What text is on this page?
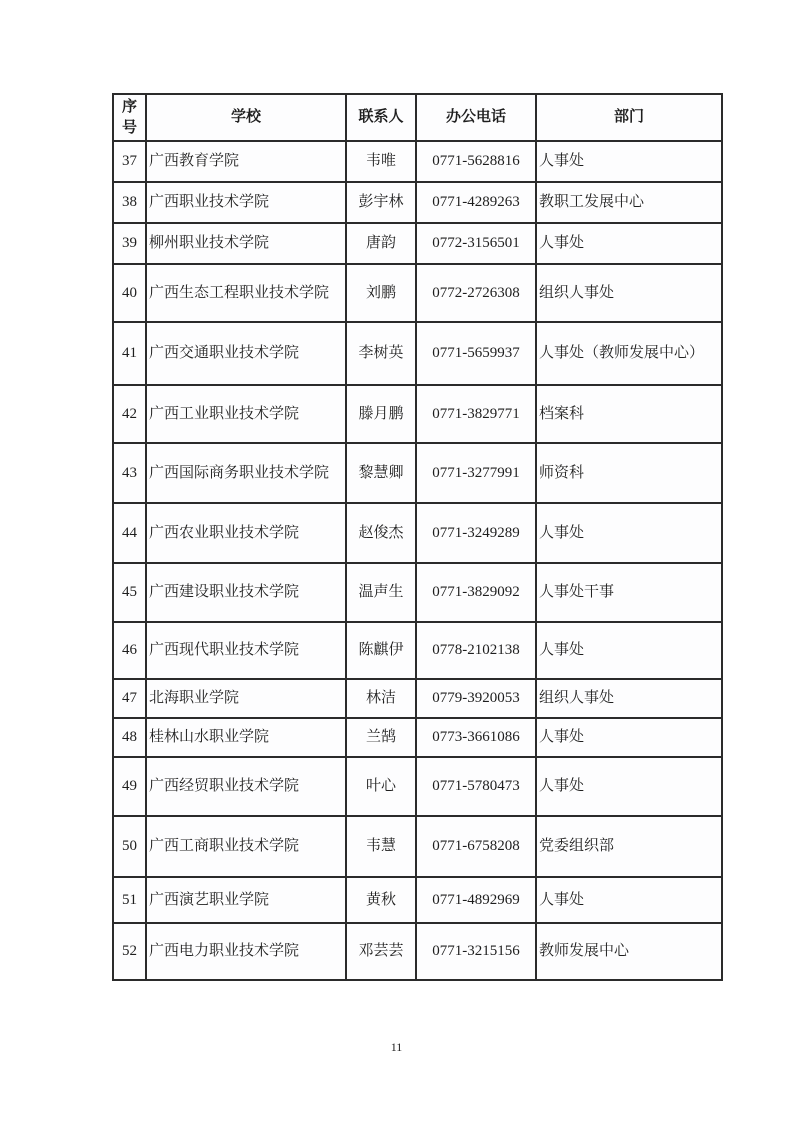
序号	学校	联系人	办公电话	部门
37	广西教育学院	韦唯	0771-5628816	人事处
38	广西职业技术学院	彭宇林	0771-4289263	教职工发展中心
39	柳州职业技术学院	唐韵	0772-3156501	人事处
40	广西生态工程职业技术学院	刘鹏	0772-2726308	组织人事处
41	广西交通职业技术学院	李树英	0771-5659937	人事处（教师发展中心）
42	广西工业职业技术学院	滕月鹏	0771-3829771	档案科
43	广西国际商务职业技术学院	黎慧卿	0771-3277991	师资科
44	广西农业职业技术学院	赵俊杰	0771-3249289	人事处
45	广西建设职业技术学院	温声生	0771-3829092	人事处干事
46	广西现代职业技术学院	陈麒伊	0778-2102138	人事处
47	北海职业学院	林洁	0779-3920053	组织人事处
48	桂林山水职业学院	兰鹄	0773-3661086	人事处
49	广西经贸职业技术学院	叶心	0771-5780473	人事处
50	广西工商职业技术学院	韦慧	0771-6758208	党委组织部
51	广西演艺职业学院	黄秋	0771-4892969	人事处
52	广西电力职业技术学院	邓芸芸	0771-3215156	教师发展中心
11
